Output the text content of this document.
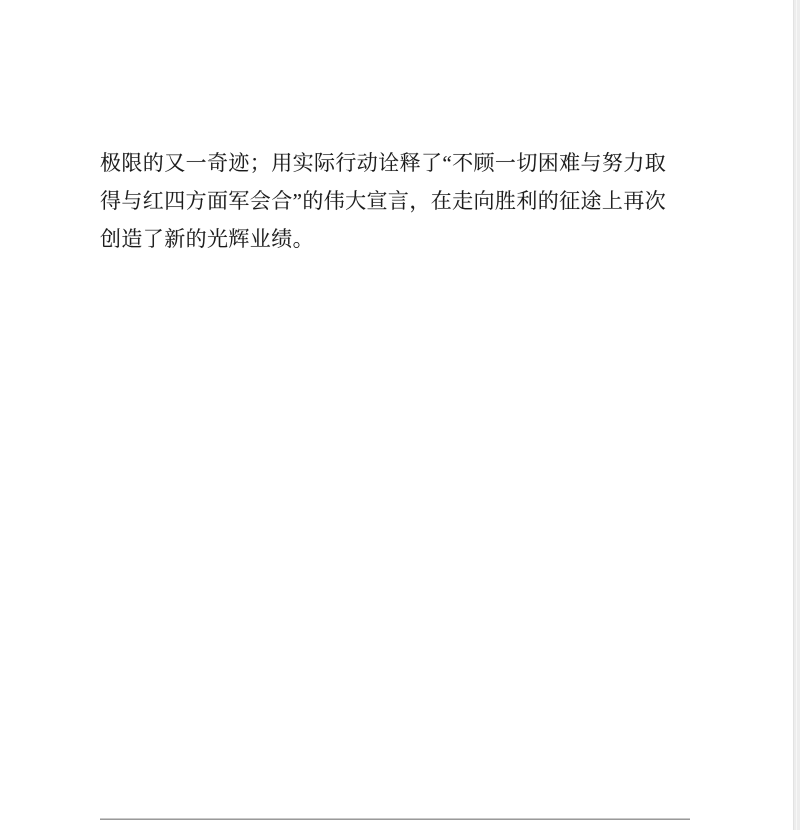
极限的又一奇迹；用实际行动诠释了“不顾一切困难与努力取
得与红四方面军会合”的伟大宣言，在走向胜利的征途上再次
创造了新的光辉业绩。
